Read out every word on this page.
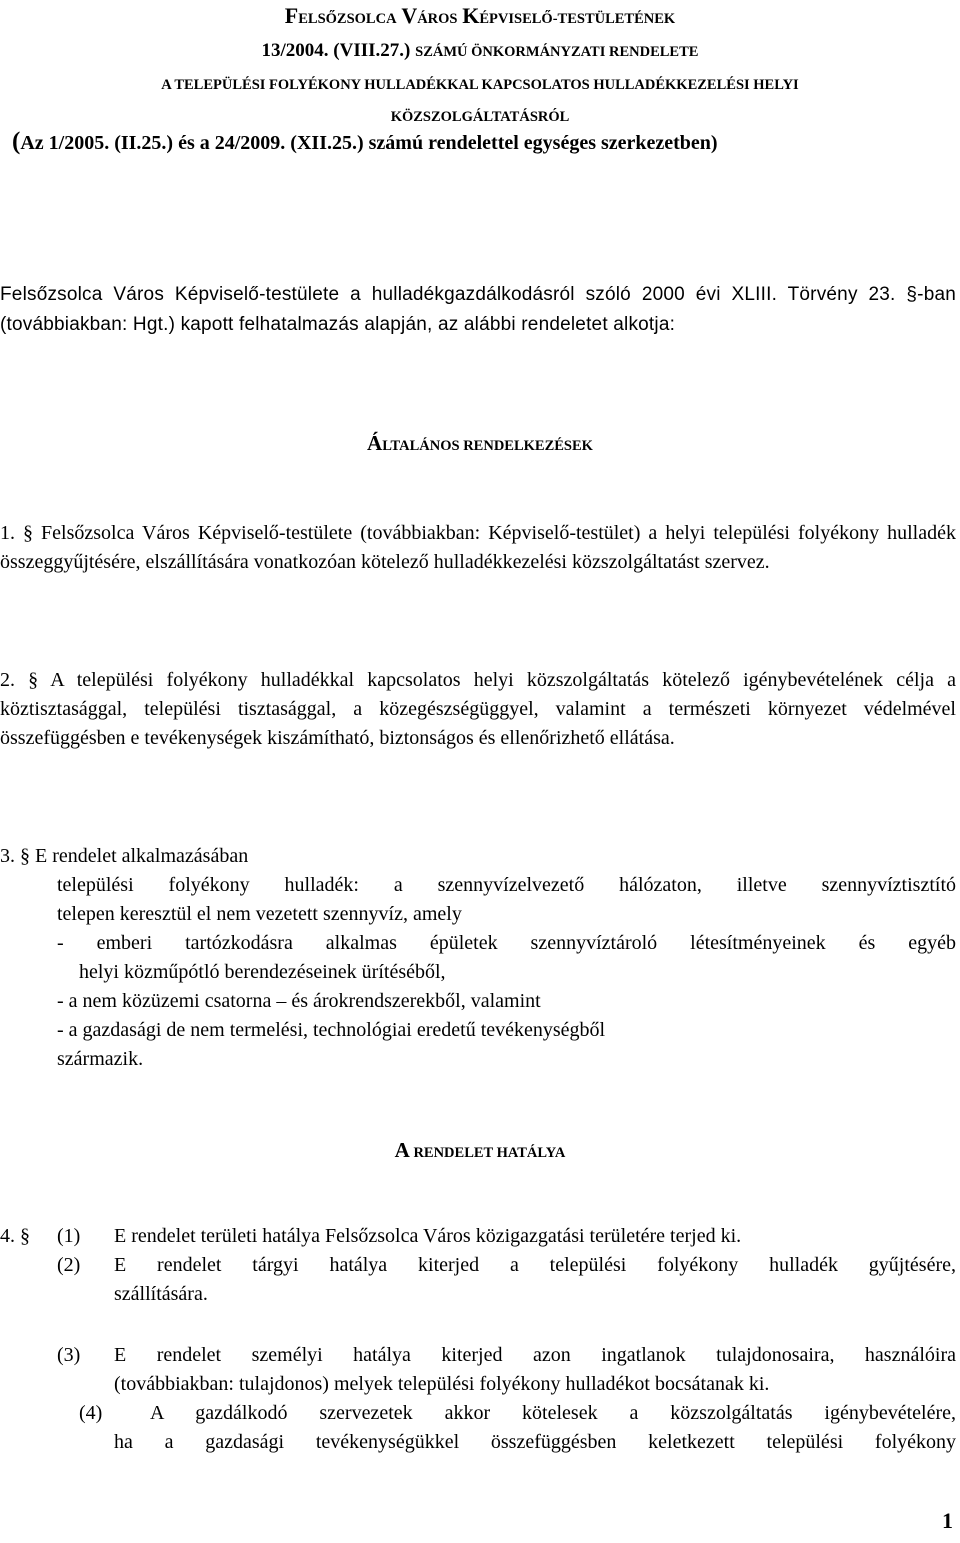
FELSŐZSOLCA VÁROS KÉPVISELŐ-TESTÜLETÉNEK
13/2004. (VIII.27.) SZÁMÚ ÖNKORMÁNYZATI RENDELETE
A TELEPÜLÉSI FOLYÉKONY HULLADÉKKAL KAPCSOLATOS HULLADÉKKEZELÉSI HELYI
KÖZSZOLGÁLTATÁSRÓL
(Az 1/2005. (II.25.) és a 24/2009. (XII.25.) számú rendelettel egységes szerkezetben)
Felsőzsolca Város Képviselő-testülete a hulladékgazdálkodásról szóló 2000 évi XLIII. Törvény 23. §-ban (továbbiakban: Hgt.) kapott felhatalmazás alapján, az alábbi rendeletet alkotja:
ÁLTALÁNOS RENDELKEZÉSEK
1. § Felsőzsolca Város Képviselő-testülete (továbbiakban: Képviselő-testület) a helyi települési folyékony hulladék összeggyűjtésére, elszállítására vonatkozóan kötelező hulladékkezelési közszolgáltatást szervez.
2. § A települési folyékony hulladékkal kapcsolatos helyi közszolgáltatás kötelező igénybevételének célja a köztisztasággal, települési tisztasággal, a közegészségüggyel, valamint a természeti környezet védelmével összefüggésben e tevékenységek kiszámítható, biztonságos és ellenőrizhető ellátása.
3. § E rendelet alkalmazásában
települési folyékony hulladék: a szennyvízelvezető hálózaton, illetve szennyvíztisztító
telepen keresztül el nem vezetett szennyvíz, amely
- emberi tartózkodásra alkalmas épületek szennyvíztároló létesítményeinek és egyéb
helyi közműpótló berendezéseinek ürítéséből,
- a nem közüzemi csatorna – és árokrendszerekből, valamint
- a gazdasági de nem termelési, technológiai eredetű tevékenységből
származik.
A RENDELET HATÁLYA
4. § (1) E rendelet területi hatálya Felsőzsolca Város közigazgatási területére terjed ki.
(2) E rendelet tárgyi hatálya kiterjed a települési folyékony hulladék gyűjtésére,
szállítására.
(3) E rendelet személyi hatálya kiterjed azon ingatlanok tulajdonosaira, használóira
(továbbiakban: tulajdonos) melyek települési folyékony hulladékot bocsátanak ki.
(4) A gazdálkodó szervezetek akkor kötelesek a közszolgáltatás igénybevételére,
ha a gazdasági tevékenységükkel összefüggésben keletkezett települési folyékony
1
